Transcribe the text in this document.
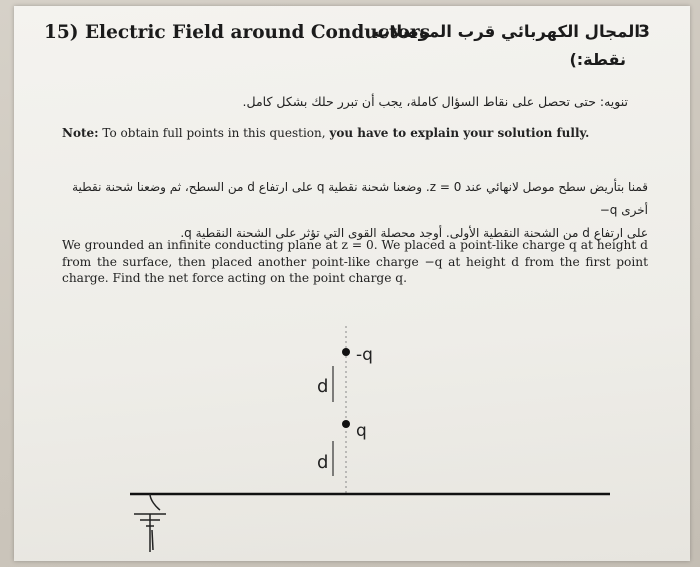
15) Electric Field around Conductors
المجال الكهربائي قرب الموصلات
3
نقطة:)
تنويه: حتى تحصل على نقاط السؤال كاملة، يجب أن تبرر حلك بشكل كامل.
Note: To obtain full points in this question, you have to explain your solution fully.
قمنا بتأريض سطح موصل لانهائي عند z = 0. وضعنا شحنة نقطية q على ارتفاع d من السطح، ثم وضعنا شحنة نقطية أخرى q−
على ارتفاع d من الشحنة النقطية الأولى. أوجد محصلة القوى التي تؤثر على الشحنة النقطية q.
We grounded an infinite conducting plane at z = 0. We placed a point-like charge q at height d from the surface, then placed another point-like charge −q at height d from the first point charge. Find the net force acting on the point charge q.
-q
q
d
d
